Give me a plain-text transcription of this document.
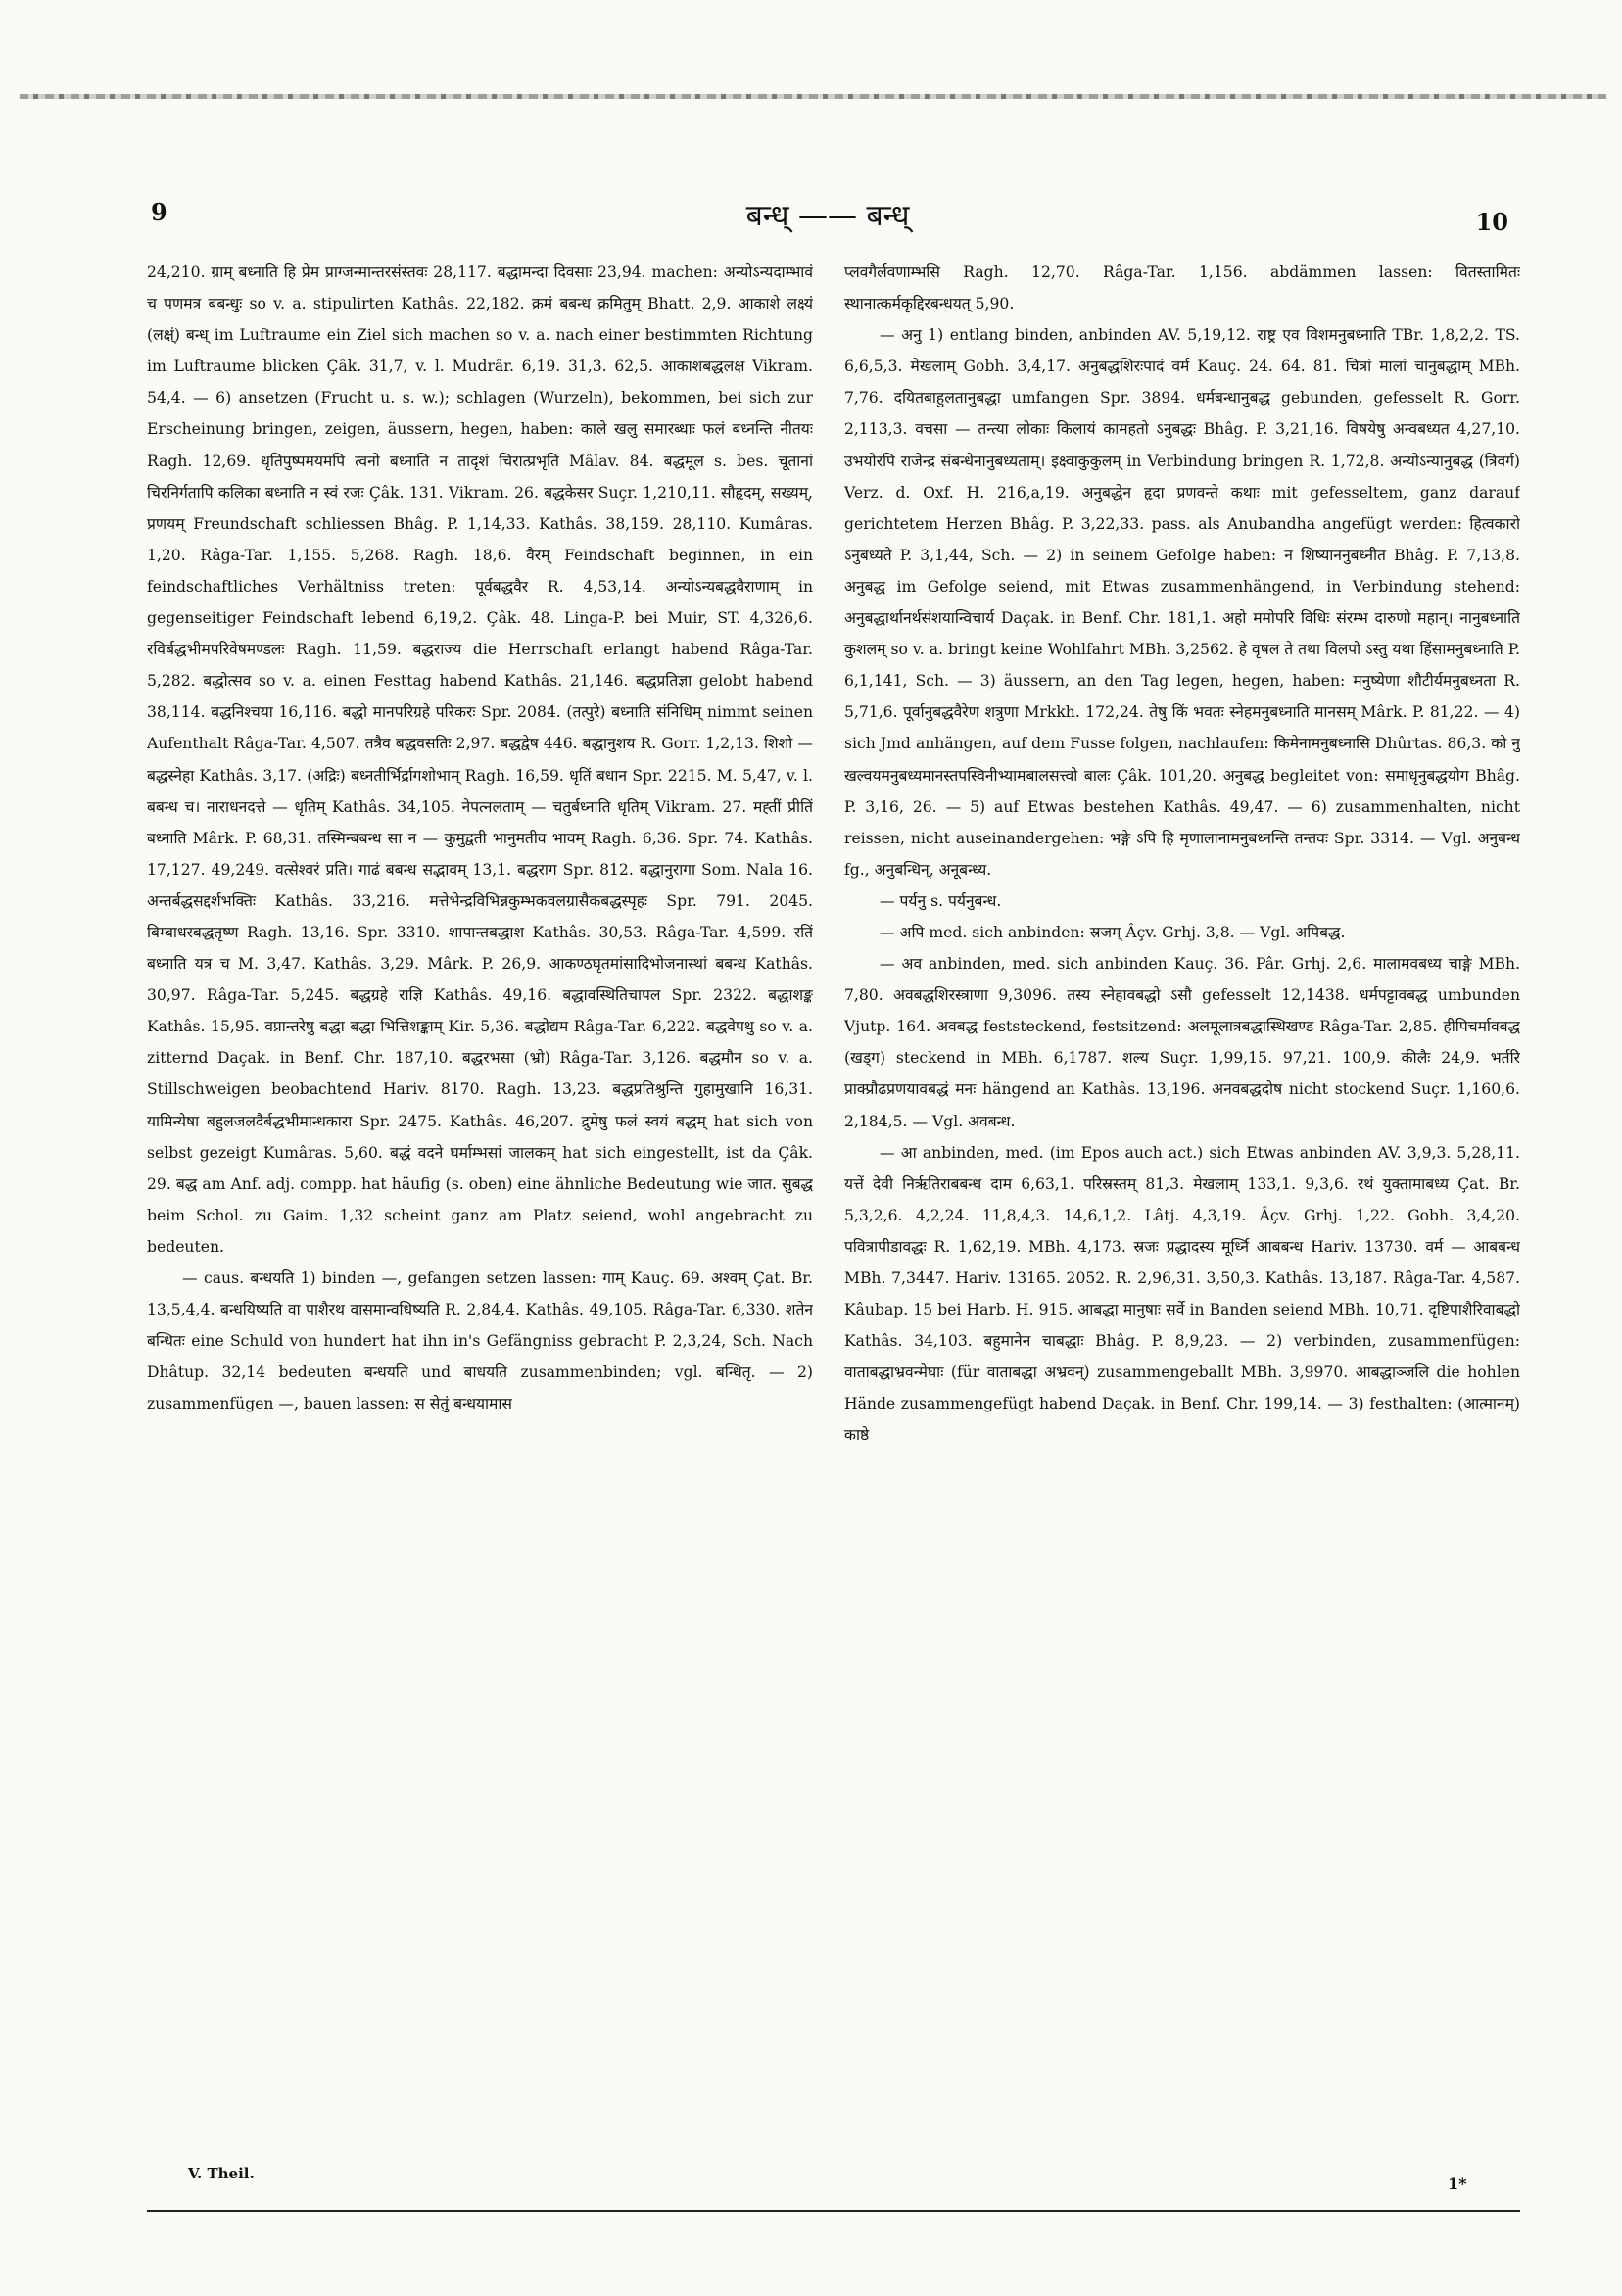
9	बन्ध् —— बन्ध्	10

24,210. ग्राम् बध्नाति हि प्रेम प्राग्जन्मान्तरसंस्तवः 28,117. बद्धामन्दा दिवसाः 23,94. machen: अन्योऽन्यदाम्भावं च पणमत्र बबन्धुः so v. a. stipulirten Kathâs. 22,182. क्रमं बबन्ध क्रमितुम् Bhatt. 2,9. आकाशे लक्ष्यं (लक्ष्ं) बन्ध् im Luftraume ein Ziel sich machen so v. a. nach einer bestimmten Richtung im Luftraume blicken Çâk. 31,7, v. l. Mudrâr. 6,19. 31,3. 62,5. आकाशबद्धलक्ष Vikram. 54,4. — 6) ansetzen (Frucht u. s. w.); schlagen (Wurzeln), bekommen, bei sich zur Erscheinung bringen, zeigen, äussern, hegen, haben: काले खलु समारब्धाः फलं बध्नन्ति नीतयः Ragh. 12,69. धृतिपुष्पमयमपि त्वनो बध्नाति न तादृशं चिरात्प्रभृति Mâlav. 84. बद्धमूल s. bes. चूतानां चिरनिर्गतापि कलिका बध्नाति न स्वं रजः Çâk. 131. Vikram. 26. बद्धकेसर Suçr. 1,210,11. सौहृदम्, सख्यम्, प्रणयम् Freundschaft schliessen Bhâg. P. 1,14,33. Kathâs. 38,159. 28,110. Kumâras. 1,20. Râga-Tar. 1,155. 5,268. Ragh. 18,6. वैरम् Feindschaft beginnen, in ein feindschaftliches Verhältniss treten: पूर्वबद्धवैर R. 4,53,14. अन्योऽन्यबद्धवैराणाम् in gegenseitiger Feindschaft lebend 6,19,2. Çâk. 48. Linga-P. bei Muir, ST. 4,326,6. रविर्बद्धभीमपरिवेषमण्डलः Ragh. 11,59. बद्धराज्य die Herrschaft erlangt habend Râga-Tar. 5,282. बद्धोत्सव so v. a. einen Festtag habend Kathâs. 21,146. बद्धप्रतिज्ञा gelobt habend 38,114. बद्धनिश्चया 16,116. बद्धो मानपरिग्रहे परिकरः Spr. 2084. (तत्पुरे) बध्नाति संनिधिम् nimmt seinen Aufenthalt Râga-Tar. 4,507. तत्रैव बद्धवसतिः 2,97. बद्धद्वेष 446. बद्धानुशय R. Gorr. 1,2,13. शिशो — बद्धस्नेहा Kathâs. 3,17. (अद्रिः) बध्नतीर्भिर्द्रागशोभाम् Ragh. 16,59. धृतिं बधान Spr. 2215. M. 5,47, v. l. बबन्ध च। नाराधनदत्ते — धृतिम् Kathâs. 34,105. नेपत्नलताम् — चतुर्बध्नाति धृतिम् Vikram. 27. मह्तीं प्रीतिं बध्नाति Mârk. P. 68,31. तस्मिन्बबन्ध सा न — कुमुद्वती भानुमतीव भावम् Ragh. 6,36. Spr. 74. Kathâs. 17,127. 49,249. वत्सेश्वरं प्रति। गाढं बबन्ध सद्भावम् 13,1. बद्धराग Spr. 812. बद्धानुरागा Som. Nala 16. अन्तर्बद्धसद्दर्शभक्तिः Kathâs. 33,216. मत्तेभेन्द्रविभिन्नकुम्भकवलग्रासैकबद्धस्पृहः Spr. 791. 2045. बिम्बाधरबद्धतृष्ण Ragh. 13,16. Spr. 3310. शापान्तबद्धाश Kathâs. 30,53. Râga-Tar. 4,599. रतिं बध्नाति यत्र च M. 3,47. Kathâs. 3,29. Mârk. P. 26,9. आकण्ठघृतमांसादिभोजनास्थां बबन्ध Kathâs. 30,97. Râga-Tar. 5,245. बद्धग्रहे राज्ञि Kathâs. 49,16. बद्धावस्थितिचापल Spr. 2322. बद्धाशङ्क Kathâs. 15,95. वप्रान्तरेषु बद्धा बद्धा भित्तिशङ्काम् Kir. 5,36. बद्धोद्यम Râga-Tar. 6,222. बद्धवेपथु so v. a. zitternd Daçak. in Benf. Chr. 187,10. बद्धरभसा (भ्रो) Râga-Tar. 3,126. बद्धमौन so v. a. Stillschweigen beobachtend Hariv. 8170. Ragh. 13,23. बद्धप्रतिश्रुन्ति गुहामुखानि 16,31. यामिन्येषा बहुलजलदैर्बद्धभीमान्धकारा Spr. 2475. Kathâs. 46,207. द्रुमेषु फलं स्वयं बद्धम् hat sich von selbst gezeigt Kumâras. 5,60. बद्धं वदने घर्माम्भसां जालकम् hat sich eingestellt, ist da Çâk. 29. बद्ध am Anf. adj. compp. hat häufig (s. oben) eine ähnliche Bedeutung wie जात. सुबद्ध beim Schol. zu Gaim. 1,32 scheint ganz am Platz seiend, wohl angebracht zu bedeuten.

— caus. बन्धयति 1) binden —, gefangen setzen lassen: गाम् Kauç. 69. अश्वम् Çat. Br. 13,5,4,4. बन्धयिष्यति वा पाशैरथ वासमान्वधिष्यति R. 2,84,4. Kathâs. 49,105. Râga-Tar. 6,330. शतेन बन्धितः eine Schuld von hundert hat ihn in's Gefängniss gebracht P. 2,3,24, Sch. Nach Dhâtup. 32,14 bedeuten बन्धयति und बाधयति zusammenbinden; vgl. बन्धितृ. — 2) zusammenfügen —, bauen lassen: स सेतुं बन्धयामास

प्लवगैर्लवणाम्भसि Ragh. 12,70. Râga-Tar. 1,156. abdämmen lassen: वितस्तामितः स्थानात्कर्मकृद्दिरबन्धयत् 5,90.

— अनु 1) entlang binden, anbinden AV. 5,19,12. राष्ट्र एव विशमनुबध्नाति TBr. 1,8,2,2. TS. 6,6,5,3. मेखलाम् Gobh. 3,4,17. अनुबद्धशिरःपादं वर्म Kauç. 24. 64. 81. चित्रां मालां चानुबद्धाम् MBh. 7,76. दयितबाहुलतानुबद्धा umfangen Spr. 3894. धर्मबन्धानुबद्ध gebunden, gefesselt R. Gorr. 2,113,3. वचसा — तन्त्या लोकाः किलायं कामहतो ऽनुबद्धः Bhâg. P. 3,21,16. विषयेषु अन्वबध्यत 4,27,10. उभयोरपि राजेन्द्र संबन्धेनानुबध्यताम्। इक्ष्वाकुकुलम् in Verbindung bringen R. 1,72,8. अन्योऽन्यानुबद्ध (त्रिवर्ग) Verz. d. Oxf. H. 216,a,19. अनुबद्धेन हृदा प्रणवन्ते कथाः mit gefesseltem, ganz darauf gerichtetem Herzen Bhâg. P. 3,22,33. pass. als Anubandha angefügt werden: हित्वकारो ऽनुबध्यते P. 3,1,44, Sch. — 2) in seinem Gefolge haben: न शिष्याननुबध्नीत Bhâg. P. 7,13,8. अनुबद्ध im Gefolge seiend, mit Etwas zusammenhängend, in Verbindung stehend: अनुबद्धार्थानर्थसंशयान्विचार्य Daçak. in Benf. Chr. 181,1. अहो ममोपरि विधिः संरम्भ दारुणो महान्। नानुबध्नाति कुशलम् so v. a. bringt keine Wohlfahrt MBh. 3,2562. हे वृषल ते तथा विलपो ऽस्तु यथा हिंसामनुबध्नाति P. 6,1,141, Sch. — 3) äussern, an den Tag legen, hegen, haben: मनुष्येणा शौटीर्यमनुबध्नता R. 5,71,6. पूर्वानुबद्धवैरेण शत्रुणा Mrkkh. 172,24. तेषु किं भवतः स्नेहमनुबध्नाति मानसम् Mârk. P. 81,22. — 4) sich Jmd anhängen, auf dem Fusse folgen, nachlaufen: किमेनामनुबध्नासि Dhûrtas. 86,3. को नु खल्वयमनुबध्यमानस्तपस्विनीभ्यामबालसत्त्वो बालः Çâk. 101,20. अनुबद्ध begleitet von: समाधृनुबद्धयोग Bhâg. P. 3,16, 26. — 5) auf Etwas bestehen Kathâs. 49,47. — 6) zusammenhalten, nicht reissen, nicht auseinandergehen: भङ्गे ऽपि हि मृणालानामनुबध्नन्ति तन्तवः Spr. 3314. — Vgl. अनुबन्ध fg., अनुबन्धिन्, अनूबन्ध्य.

— पर्यनु s. पर्यनुबन्ध.

— अपि med. sich anbinden: स्रजम् Âçv. Grhj. 3,8. — Vgl. अपिबद्ध.

— अव anbinden, med. sich anbinden Kauç. 36. Pâr. Grhj. 2,6. मालामवबध्य चाङ्गे MBh. 7,80. अवबद्धशिरस्त्राणा 9,3096. तस्य स्नेहावबद्धो ऽसौ gefesselt 12,1438. धर्मपट्टावबद्ध umbunden Vjutp. 164. अवबद्ध feststeckend, festsitzend: अलमूलात्रबद्धास्थिखण्ड Râga-Tar. 2,85. हीपिचर्मावबद्ध (खड्ग) steckend in MBh. 6,1787. शल्य Suçr. 1,99,15. 97,21. 100,9. कीलैः 24,9. भर्तरि प्राक्प्रौढप्रणयावबद्धं मनः hängend an Kathâs. 13,196. अनवबद्धदोष nicht stockend Suçr. 1,160,6. 2,184,5. — Vgl. अवबन्ध.

— आ anbinden, med. (im Epos auch act.) sich Etwas anbinden AV. 3,9,3. 5,28,11. यत्तें देवी निर्ऋतिराबबन्ध दाम 6,63,1. परिस्रस्तम् 81,3. मेखलाम् 133,1. 9,3,6. रथं युक्तामाबध्य Çat. Br. 5,3,2,6. 4,2,24. 11,8,4,3. 14,6,1,2. Lâtj. 4,3,19. Âçv. Grhj. 1,22. Gobh. 3,4,20. पवित्रापीडावद्धः R. 1,62,19. MBh. 4,173. स्रजः प्रद्धादस्य मूर्ध्नि आबबन्ध Hariv. 13730. वर्म — आबबन्ध MBh. 7,3447. Hariv. 13165. 2052. R. 2,96,31. 3,50,3. Kathâs. 13,187. Râga-Tar. 4,587. Kâubap. 15 bei Harb. H. 915. आबद्धा मानुषाः सर्वे in Banden seiend MBh. 10,71. दृष्टिपाशैरिवाबद्धो Kathâs. 34,103. बहुमानेन चाबद्धाः Bhâg. P. 8,9,23. — 2) verbinden, zusammenfügen: वाताबद्धाभ्रवन्मेघाः (für वाताबद्धा अभ्रवन्) zusammengeballt MBh. 3,9970. आबद्धाञ्जलि die hohlen Hände zusammengefügt habend Daçak. in Benf. Chr. 199,14. — 3) festhalten: (आत्मानम्) काष्ठे

V. Theil.
1*
